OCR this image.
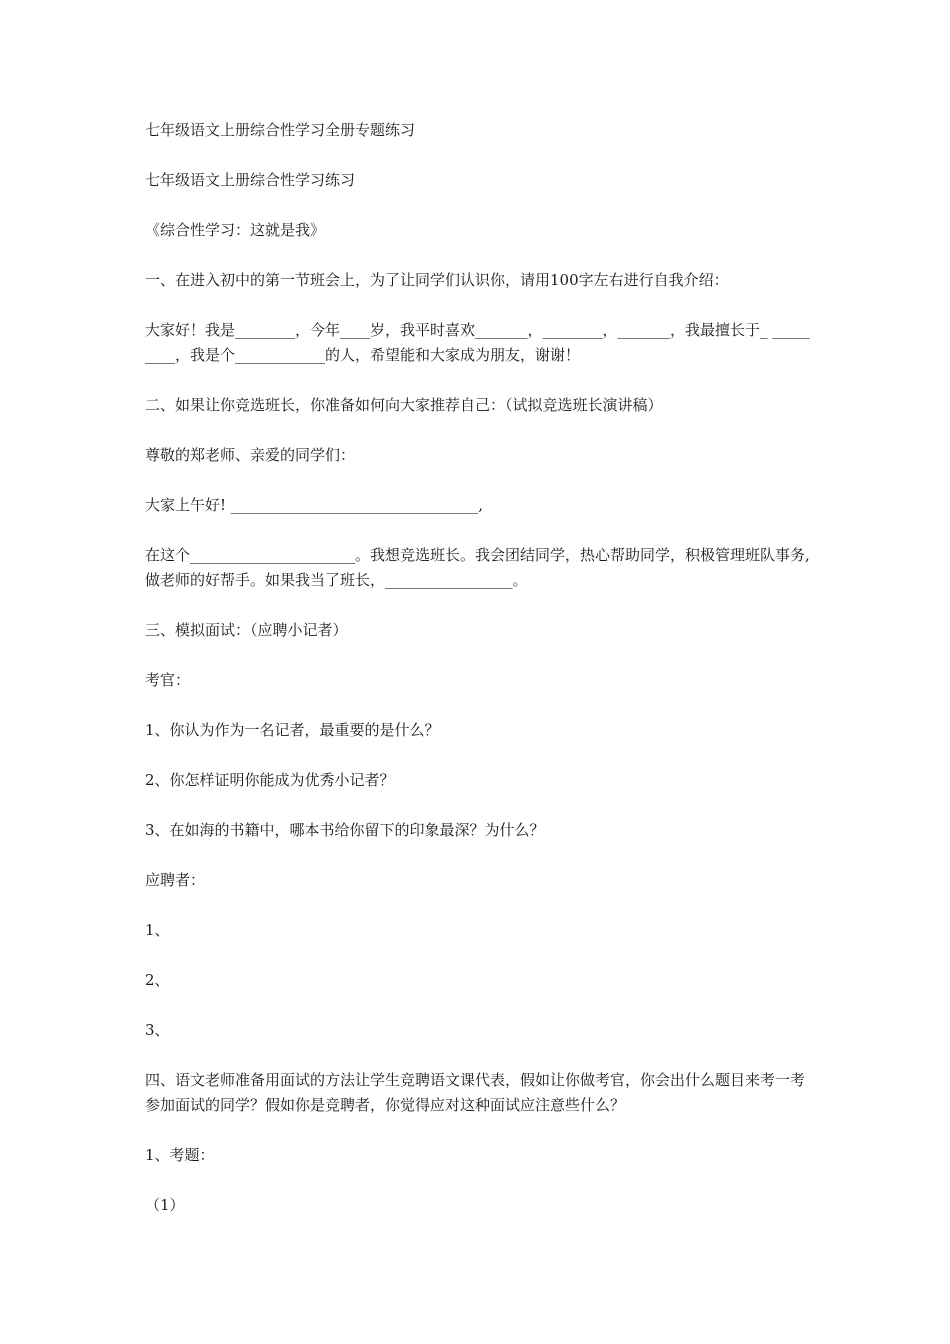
七年级语文上册综合性学习全册专题练习

七年级语文上册综合性学习练习

《综合性学习：这就是我》

一、在进入初中的第一节班会上，为了让同学们认识你，请用100字左右进行自我介绍：

大家好！我是________，今年____岁，我平时喜欢_______，________，_______，我最擅长于_ _________，我是个____________的人，希望能和大家成为朋友，谢谢！

二、如果让你竞选班长，你准备如何向大家推荐自己：（试拟竞选班长演讲稿）

尊敬的郑老师、亲爱的同学们：

大家上午好! _________________________________,

在这个______________________。我想竞选班长。我会团结同学，热心帮助同学，积极管理班队事务,做老师的好帮手。如果我当了班长，_________________。

三、模拟面试：（应聘小记者）

考官：

1、你认为作为一名记者，最重要的是什么？

2、你怎样证明你能成为优秀小记者？

3、在如海的书籍中，哪本书给你留下的印象最深？为什么？

应聘者：

1、

2、

3、

四、语文老师准备用面试的方法让学生竞聘语文课代表，假如让你做考官，你会出什么题目来考一考参加面试的同学？假如你是竞聘者，你觉得应对这种面试应注意些什么？

1、考题：

（1）
